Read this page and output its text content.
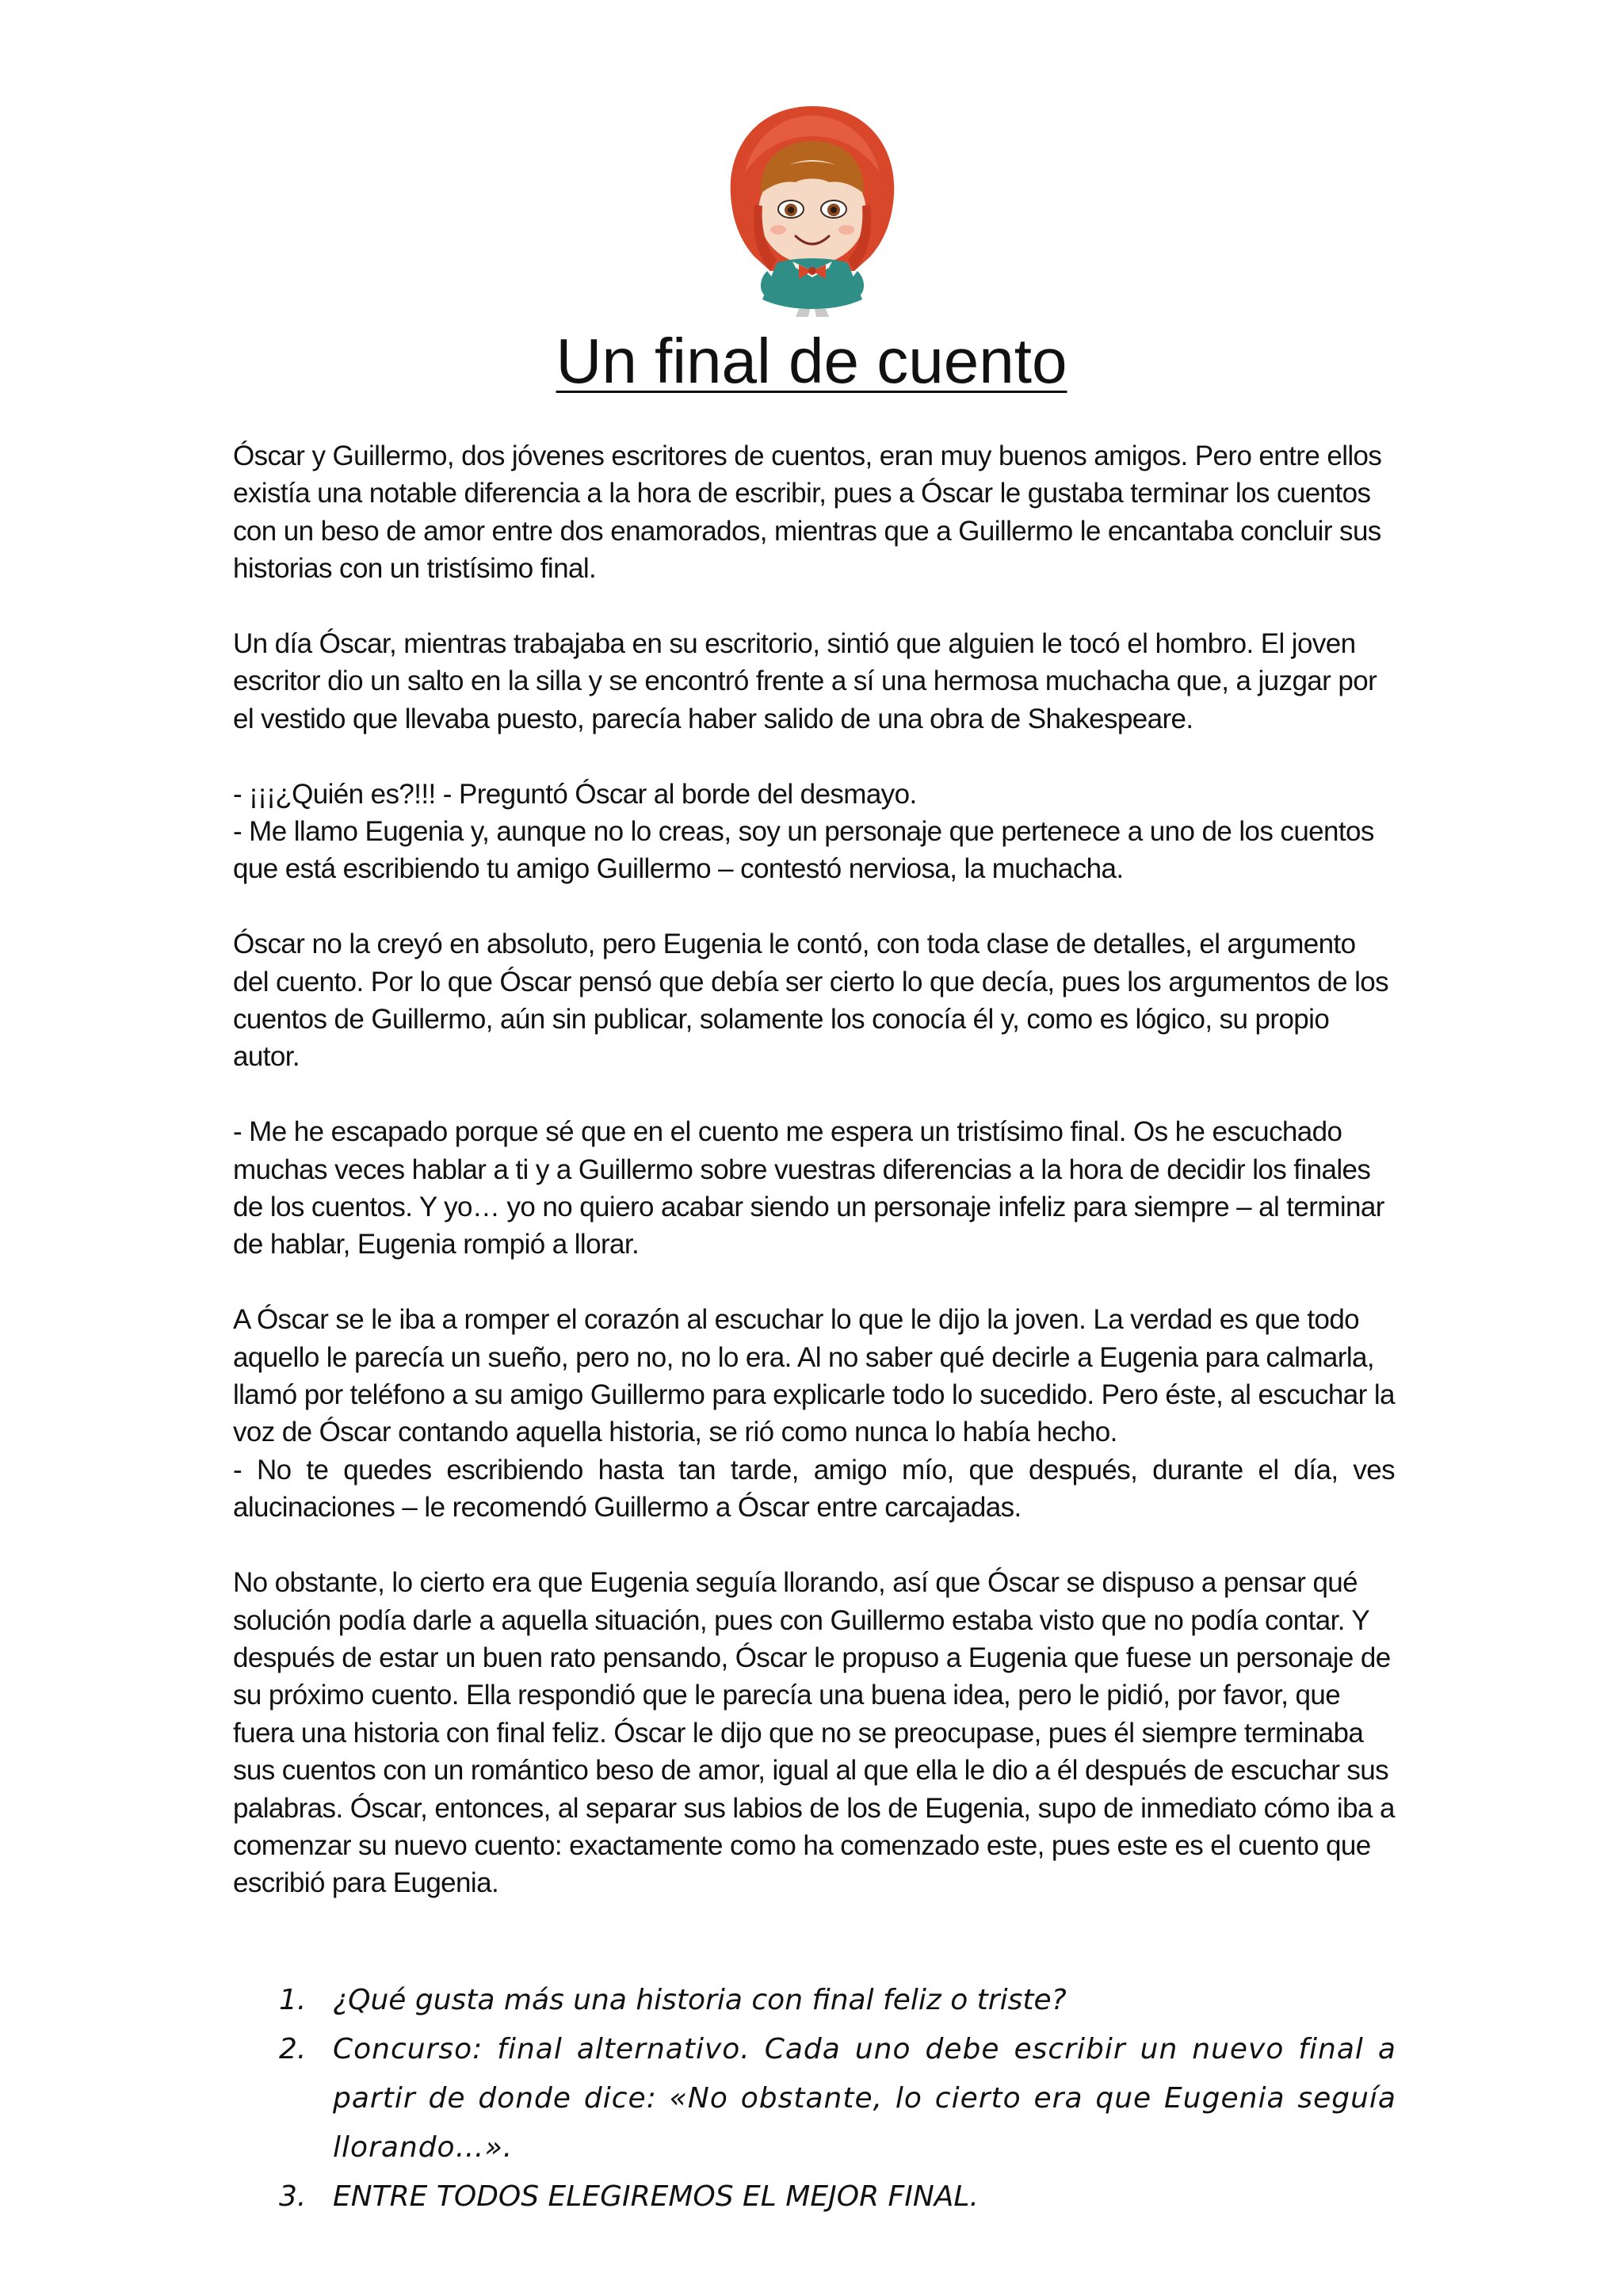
Un final de cuento

Óscar y Guillermo, dos jóvenes escritores de cuentos, eran muy buenos amigos. Pero entre ellos existía una notable diferencia a la hora de escribir, pues a Óscar le gustaba terminar los cuentos con un beso de amor entre dos enamorados, mientras que a Guillermo le encantaba concluir sus historias con un tristísimo final.

Un día Óscar, mientras trabajaba en su escritorio, sintió que alguien le tocó el hombro. El joven escritor dio un salto en la silla y se encontró frente a sí una hermosa muchacha que, a juzgar por el vestido que llevaba puesto, parecía haber salido de una obra de Shakespeare.

- ¡¡¡¿Quién es?!!! - Preguntó Óscar al borde del desmayo.

- Me llamo Eugenia y, aunque no lo creas, soy un personaje que pertenece a uno de los cuentos que está escribiendo tu amigo Guillermo – contestó nerviosa, la muchacha.

Óscar no la creyó en absoluto, pero Eugenia le contó, con toda clase de detalles, el argumento del cuento. Por lo que Óscar pensó que debía ser cierto lo que decía, pues los argumentos de los cuentos de Guillermo, aún sin publicar, solamente los conocía él y, como es lógico, su propio autor.

- Me he escapado porque sé que en el cuento me espera un tristísimo final. Os he escuchado muchas veces hablar a ti y a Guillermo sobre vuestras diferencias a la hora de decidir los finales de los cuentos. Y yo… yo no quiero acabar siendo un personaje infeliz para siempre – al terminar de hablar, Eugenia rompió a llorar.

A Óscar se le iba a romper el corazón al escuchar lo que le dijo la joven. La verdad es que todo aquello le parecía un sueño, pero no, no lo era. Al no saber qué decirle a Eugenia para calmarla, llamó por teléfono a su amigo Guillermo para explicarle todo lo sucedido. Pero éste, al escuchar la voz de Óscar contando aquella historia, se rió como nunca lo había hecho.

- No te quedes escribiendo hasta tan tarde, amigo mío, que después, durante el día, ves alucinaciones – le recomendó Guillermo a Óscar entre carcajadas.

No obstante, lo cierto era que Eugenia seguía llorando, así que Óscar se dispuso a pensar qué solución podía darle a aquella situación, pues con Guillermo estaba visto que no podía contar. Y después de estar un buen rato pensando, Óscar le propuso a Eugenia que fuese un personaje de su próximo cuento. Ella respondió que le parecía una buena idea, pero le pidió, por favor, que fuera una historia con final feliz. Óscar le dijo que no se preocupase, pues él siempre terminaba sus cuentos con un romántico beso de amor, igual al que ella le dio a él después de escuchar sus palabras. Óscar, entonces, al separar sus labios de los de Eugenia, supo de inmediato cómo iba a comenzar su nuevo cuento: exactamente como ha comenzado este, pues este es el cuento que escribió para Eugenia.

1. ¿Qué gusta más una historia con final feliz o triste?
2. Concurso: final alternativo. Cada uno debe escribir un nuevo final a partir de donde dice: «No obstante, lo cierto era que Eugenia seguía llorando…».
3. ENTRE TODOS ELEGIREMOS EL MEJOR FINAL.
